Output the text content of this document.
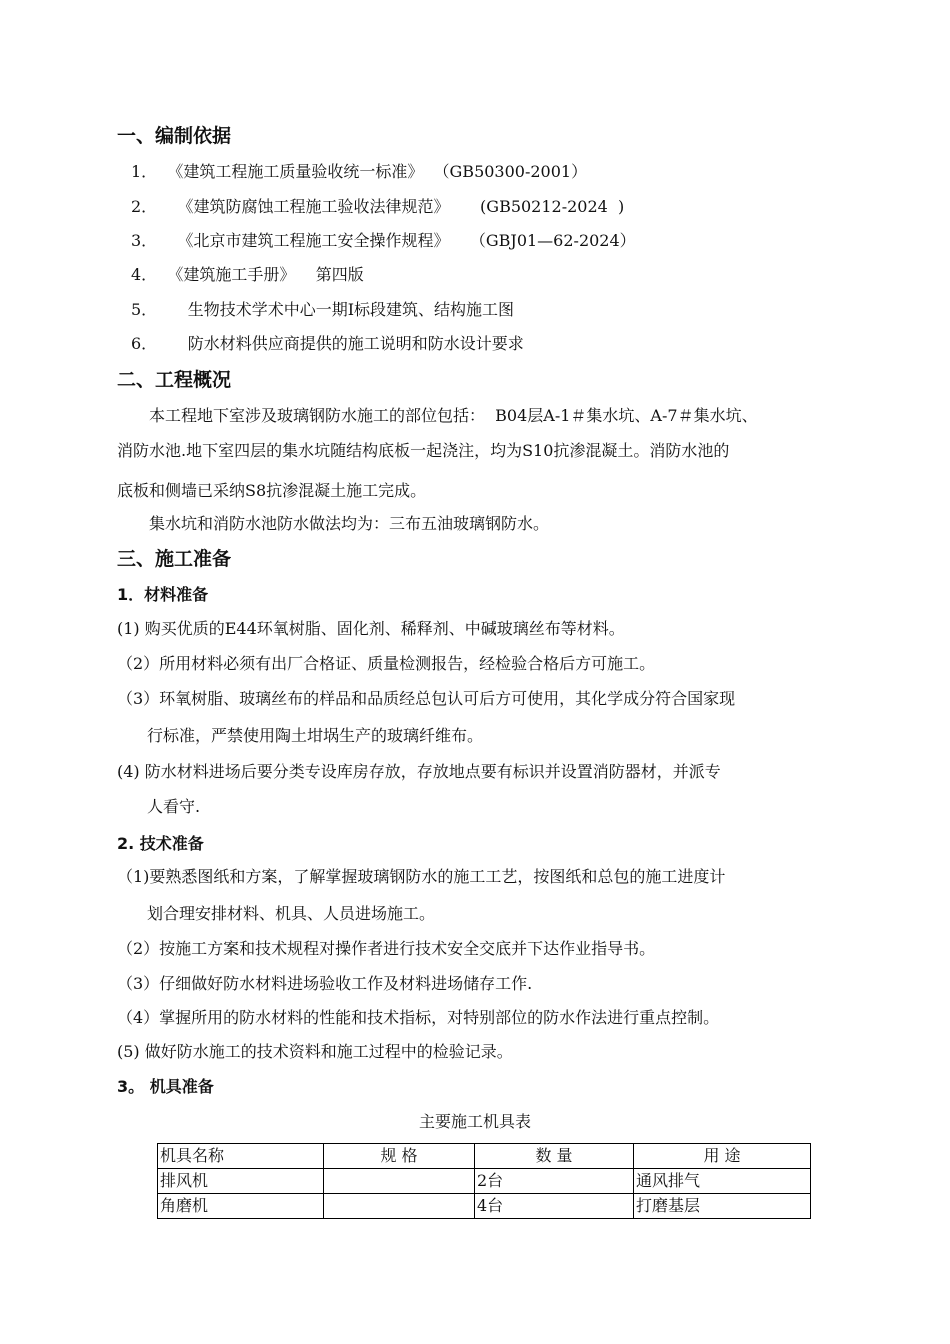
一、编制依据
1．  《建筑工程施工质量验收统一标准》  （GB50300-2001）
2．    《建筑防腐蚀工程施工验收法律规范》      (GB50212-2024  )
3．    《北京市建筑工程施工安全操作规程》    （GBJ01—62-2024）
4．  《建筑施工手册》    第四版
5．      生物技术学术中心一期Ⅰ标段建筑、结构施工图
6．      防水材料供应商提供的施工说明和防水设计要求
二、工程概况
本工程地下室涉及玻璃钢防水施工的部位包括：  B04层A-1＃集水坑、A-7＃集水坑、
消防水池.地下室四层的集水坑随结构底板一起浇注，均为S10抗渗混凝土。消防水池的
底板和侧墙已采纳S8抗渗混凝土施工完成。
集水坑和消防水池防水做法均为：三布五油玻璃钢防水。
三、施工准备
1．材料准备
(1) 购买优质的E44环氧树脂、固化剂、稀释剂、中碱玻璃丝布等材料。
（2）所用材料必须有出厂合格证、质量检测报告，经检验合格后方可施工。
（3）环氧树脂、玻璃丝布的样品和品质经总包认可后方可使用，其化学成分符合国家现
行标准，严禁使用陶土坩埚生产的玻璃纤维布。
(4) 防水材料进场后要分类专设库房存放，存放地点要有标识并设置消防器材，并派专
人看守.
2. 技术准备
（1)要熟悉图纸和方案，了解掌握玻璃钢防水的施工工艺，按图纸和总包的施工进度计
划合理安排材料、机具、人员进场施工。
（2）按施工方案和技术规程对操作者进行技术安全交底并下达作业指导书。
（3）仔细做好防水材料进场验收工作及材料进场储存工作.
（4）掌握所用的防水材料的性能和技术指标，对特别部位的防水作法进行重点控制。
(5) 做好防水施工的技术资料和施工过程中的检验记录。
3。 机具准备
主要施工机具表
机具名称	规 格	数 量	用 途
排风机		2台	通风排气
角磨机		4台	打磨基层
